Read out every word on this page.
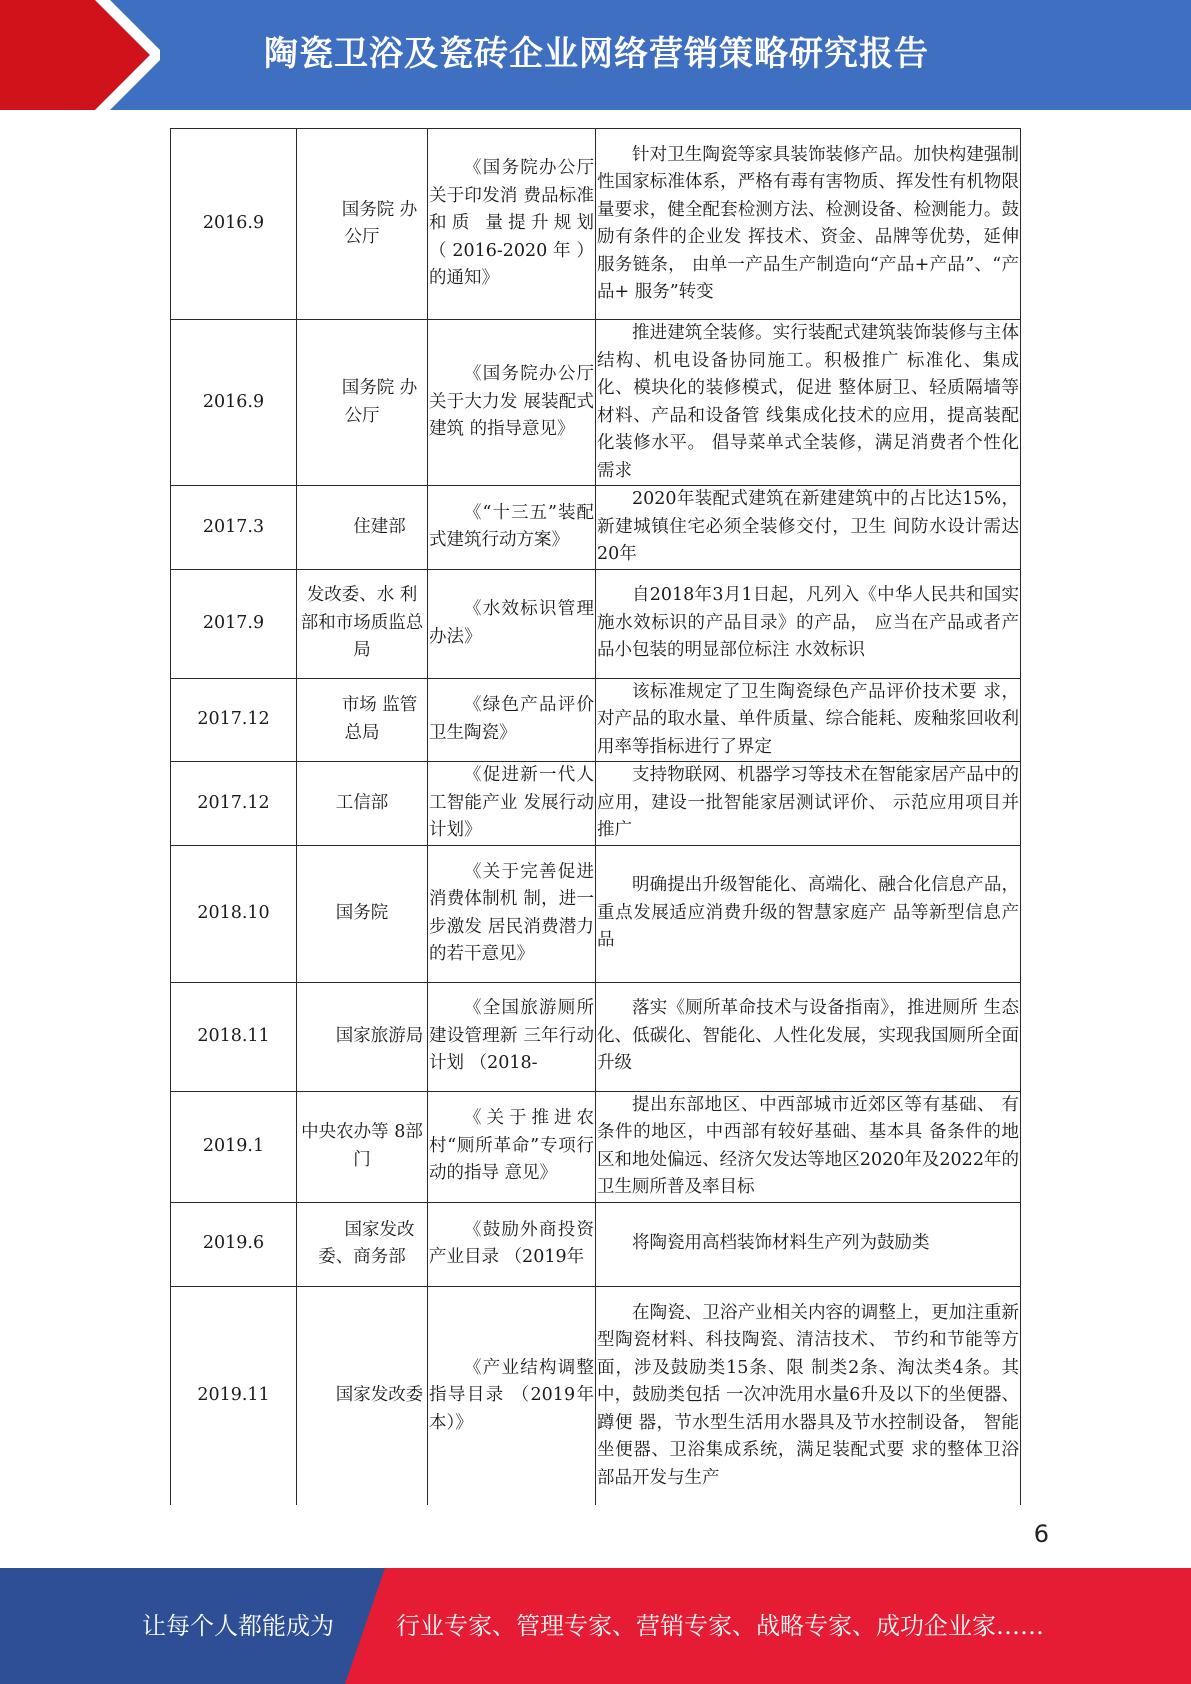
陶瓷卫浴及瓷砖企业网络营销策略研究报告
2016.9	国务院 办公厅	《国务院办公厅关于印发消 费品标准和质 量提升规划 （2016-2020年） 的通知》	针对卫生陶瓷等家具装饰装修产品。加快构建强制性国家标准体系，严格有毒有害物质、挥发性有机物限量要求，健全配套检测方法、检测设备、检测能力。鼓励有条件的企业发 挥技术、资金、品牌等优势，延伸服务链条， 由单一产品生产制造向“产品+产品”、“产品+ 服务”转变

2016.9	国务院 办公厅	《国务院办公厅关于大力发 展装配式建筑 的指导意见》	推进建筑全装修。实行装配式建筑装饰装修与主体结构、机电设备协同施工。积极推广 标准化、集成化、模块化的装修模式，促进 整体厨卫、轻质隔墙等材料、产品和设备管 线集成化技术的应用，提高装配化装修水平。 倡导菜单式全装修，满足消费者个性化需求

2017.3	住建部	《“十三五”装配 式建筑行动方案》	2020年装配式建筑在新建建筑中的占比达15%，新建城镇住宅必须全装修交付，卫生 间防水设计需达20年

2017.9	发改委、水 利部和市场质监总局	《水效标识管理办法》	自2018年3月1日起，凡列入《中华人民共和国实施水效标识的产品目录》的产品， 应当在产品或者产品小包装的明显部位标注 水效标识

2017.12	市场 监管总局	《绿色产品评价卫生陶瓷》	该标准规定了卫生陶瓷绿色产品评价技术要 求，对产品的取水量、单件质量、综合能耗、废釉浆回收利用率等指标进行了界定

2017.12	工信部	《促进新一代人工智能产业 发展行动计划》	支持物联网、机器学习等技术在智能家居产品中的应用，建设一批智能家居测试评价、 示范应用项目并推广

2018.10	国务院	《关于完善促进消费体制机 制，进一步激发 居民消费潜力 的若干意见》	明确提出升级智能化、高端化、融合化信息产品，重点发展适应消费升级的智慧家庭产 品等新型信息产品

2018.11	国家旅游局	《全国旅游厕所建设管理新 三年行动计划 （2018-	落实《厕所革命技术与设备指南》，推进厕所 生态化、低碳化、智能化、人性化发展，实现我国厕所全面升级

2019.1	中央农办等 8部门	《关于推进农村“厕所革命”专项行动的指导 意见》	提出东部地区、中西部城市近郊区等有基础、 有条件的地区，中西部有较好基础、基本具 备条件的地区和地处偏远、经济欠发达等地区2020年及2022年的卫生厕所普及率目标

2019.6	国家发改委、商务部	《鼓励外商投资产业目录 （2019年	将陶瓷用高档装饰材料生产列为鼓励类

2019.11	国家发改委	《产业结构调整指导目录 （2019年本）》	在陶瓷、卫浴产业相关内容的调整上，更加注重新型陶瓷材料、科技陶瓷、清洁技术、 节约和节能等方面，涉及鼓励类15条、限 制类2条、淘汰类4条。其中，鼓励类包括 一次冲洗用水量6升及以下的坐便器、蹲便 器，节水型生活用水器具及节水控制设备， 智能坐便器、卫浴集成系统，满足装配式要 求的整体卫浴部品开发与生产
6
让每个人都能成为	行业专家、管理专家、营销专家、战略专家、成功企业家……
